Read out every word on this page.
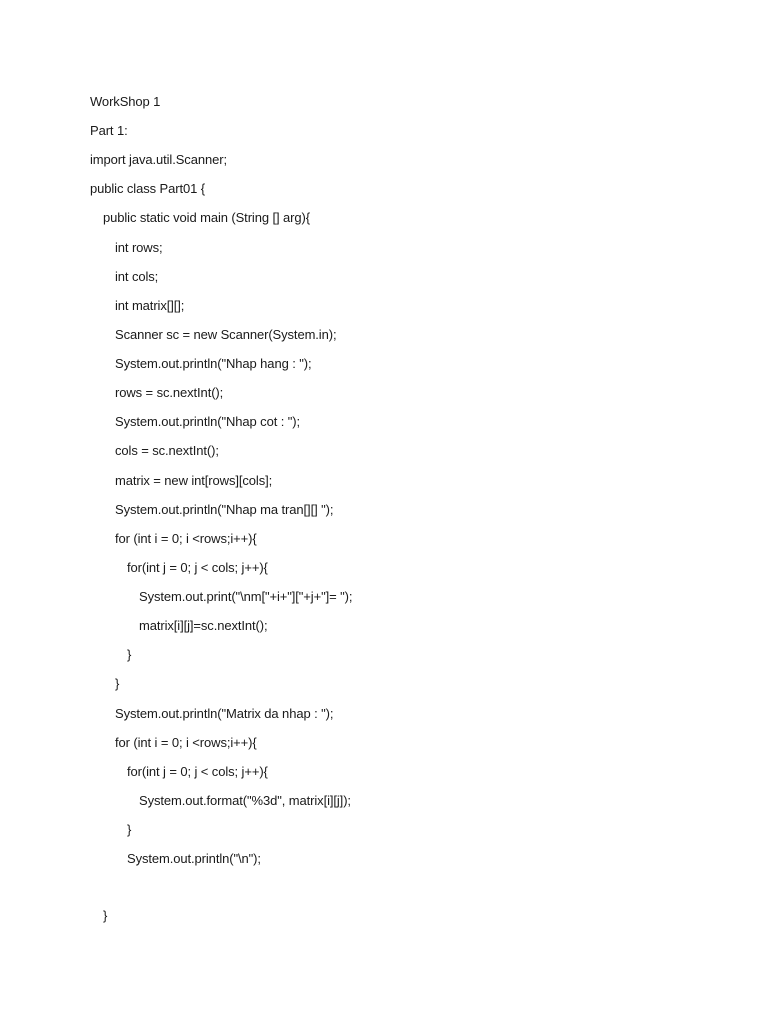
WorkShop 1
Part 1:
import java.util.Scanner;
public class Part01 {
public static void main (String [] arg){
int rows;
int cols;
int matrix[][];
Scanner sc = new Scanner(System.in);
System.out.println("Nhap hang : ");
rows = sc.nextInt();
System.out.println("Nhap cot : ");
cols = sc.nextInt();
matrix = new int[rows][cols];
System.out.println("Nhap ma tran[][] ");
for (int i = 0; i <rows;i++){
for(int j = 0; j < cols; j++){
System.out.print("\nm["+i+"]["+j+"]= ");
matrix[i][j]=sc.nextInt();
}
}
System.out.println("Matrix da nhap : ");
for (int i = 0; i <rows;i++){
for(int j = 0; j < cols; j++){
System.out.format("%3d", matrix[i][j]);
}
System.out.println("\n");
}
